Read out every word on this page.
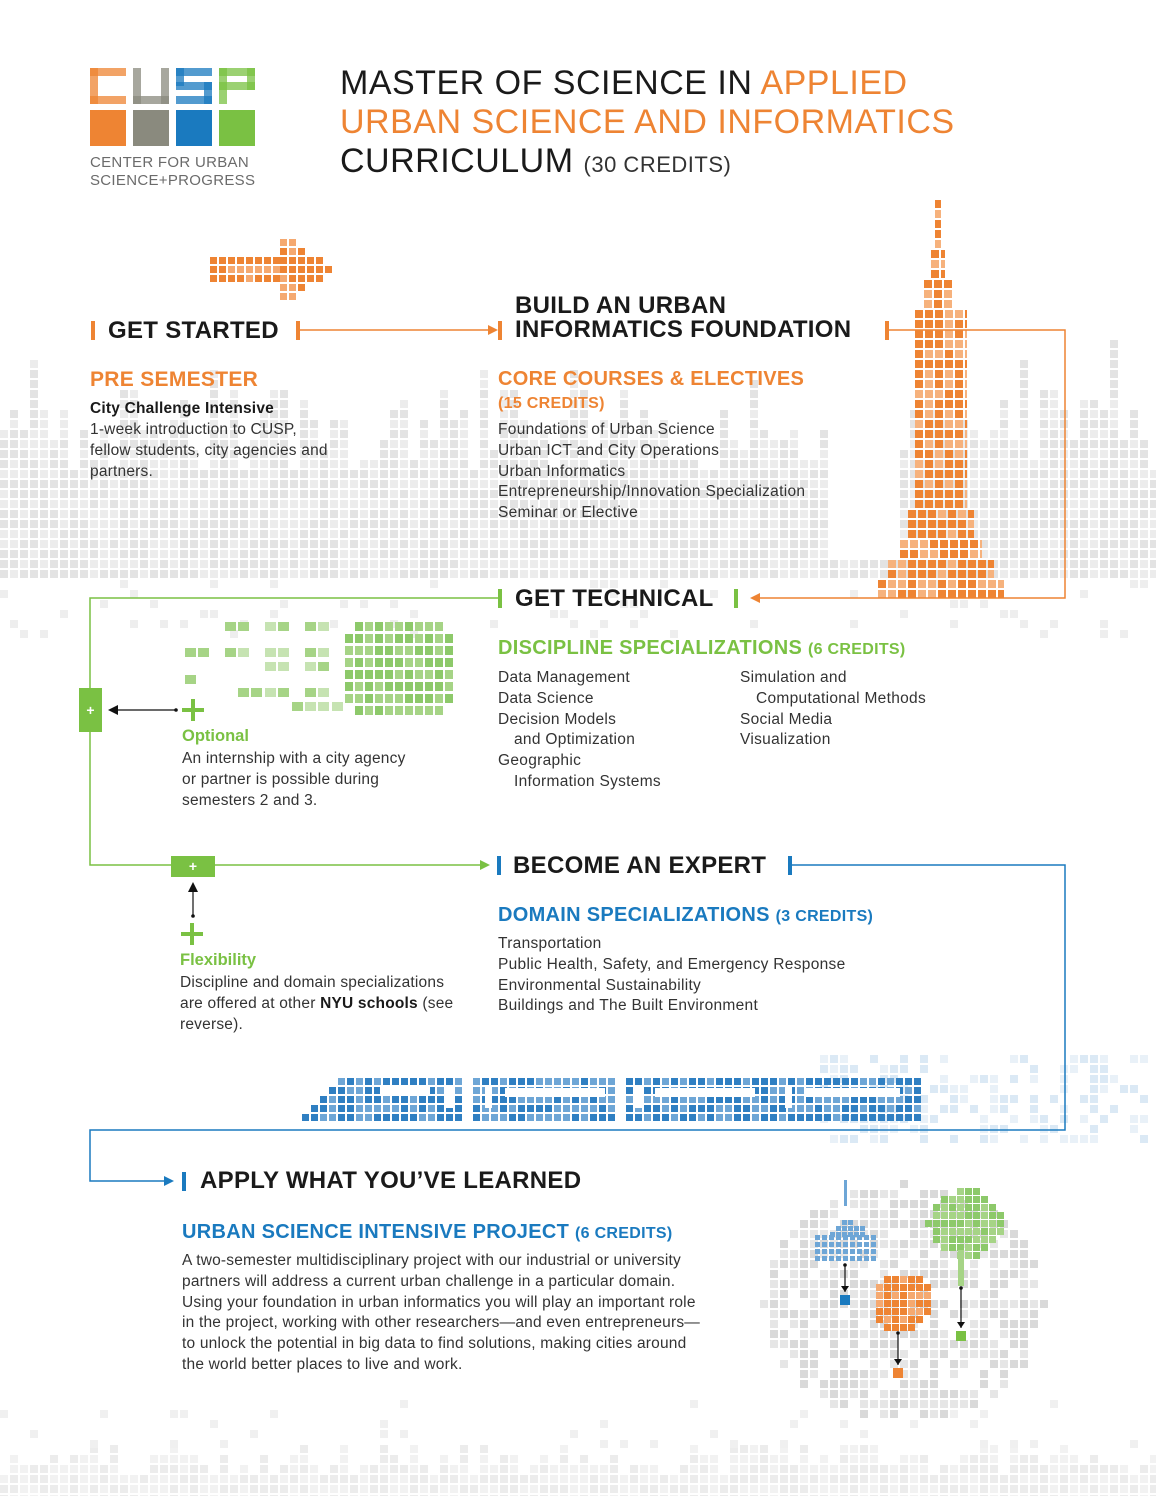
CENTER FOR URBAN
SCIENCE+PROGRESS
MASTER OF SCIENCE IN APPLIED
URBAN SCIENCE AND INFORMATICS
CURRICULUM (30 CREDITS)
GET STARTED
PRE SEMESTER
City Challenge Intensive
1-week introduction to CUSP, fellow students, city agencies and partners.
BUILD AN URBAN
INFORMATICS FOUNDATION
CORE COURSES & ELECTIVES
(15 CREDITS)
Foundations of Urban Science
Urban ICT and City Operations
Urban Informatics
Entrepreneurship/Innovation Specialization
Seminar or Elective
GET TECHNICAL
DISCIPLINE SPECIALIZATIONS (6 CREDITS)
Data Management
Data Science
Decision Models
and Optimization
Geographic
Information Systems
Simulation and
Computational Methods
Social Media
Visualization
+
Optional
An internship with a city agency or partner is possible during semesters 2 and 3.
BECOME AN EXPERT
+
DOMAIN SPECIALIZATIONS (3 CREDITS)
Transportation
Public Health, Safety, and Emergency Response
Environmental Sustainability
Buildings and The Built Environment
Flexibility
Discipline and domain specializations are offered at other NYU schools (see reverse).
APPLY WHAT YOU’VE LEARNED
URBAN SCIENCE INTENSIVE PROJECT (6 CREDITS)
A two-semester multidisciplinary project with our industrial or university partners will address a current urban challenge in a particular domain. Using your foundation in urban informatics you will play an important role in the project, working with other researchers—and even entrepreneurs—to unlock the potential in big data to find solutions, making cities around the world better places to live and work.
